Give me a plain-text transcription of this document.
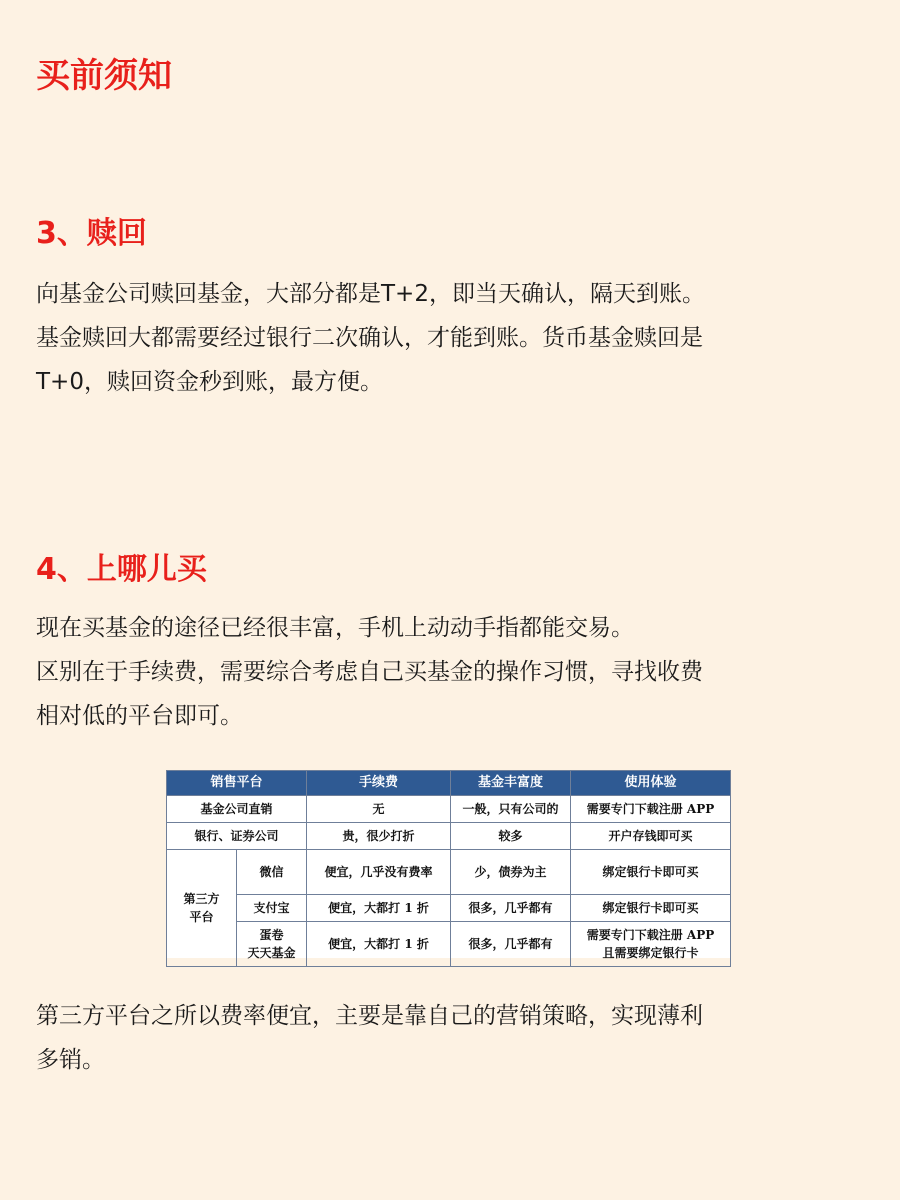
买前须知
3、赎回
向基金公司赎回基金，大部分都是T+2，即当天确认，隔天到账。
基金赎回大都需要经过银行二次确认，才能到账。货币基金赎回是
T+0，赎回资金秒到账，最方便。
4、上哪儿买
现在买基金的途径已经很丰富，手机上动动手指都能交易。
区别在于手续费，需要综合考虑自己买基金的操作习惯，寻找收费
相对低的平台即可。
销售平台		手续费	基金丰富度	使用体验
基金公司直销		无	一般，只有公司的	需要专门下载注册 APP
银行、证券公司		贵，很少打折	较多	开户存钱即可买

第三方
平台	微信	便宜，几乎没有费率	少，债券为主	绑定银行卡即可买
	支付宝	便宜，大都打 1 折	很多，几乎都有	绑定银行卡即可买

	蛋卷
天天基金	便宜，大都打 1 折	很多，几乎都有	需要专门下载注册 APP
且需要绑定银行卡
第三方平台之所以费率便宜，主要是靠自己的营销策略，实现薄利
多销。
